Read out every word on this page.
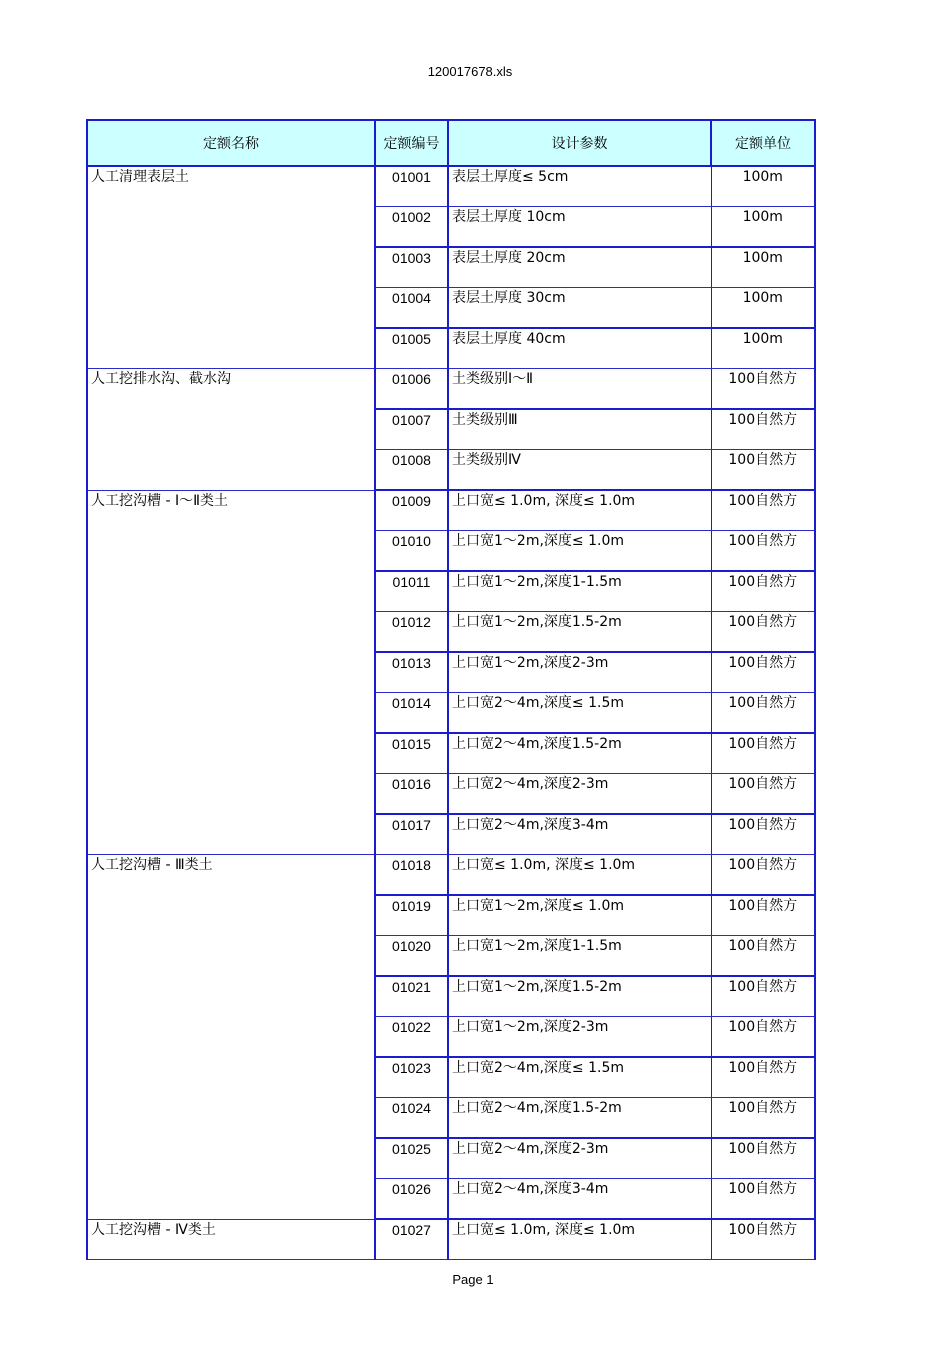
120017678.xls
定额名称	定额编号	设计参数	定额单位
人工清理表层土	01001	表层土厚度≤ 5cm	100m
	01002	表层土厚度 10cm	100m
	01003	表层土厚度 20cm	100m
	01004	表层土厚度 30cm	100m
	01005	表层土厚度 40cm	100m
人工挖排水沟、截水沟	01006	土类级别Ⅰ～Ⅱ	100自然方
	01007	土类级别Ⅲ	100自然方
	01008	土类级别Ⅳ	100自然方
人工挖沟槽 - Ⅰ～Ⅱ类土	01009	上口宽≤ 1.0m, 深度≤ 1.0m	100自然方
	01010	上口宽1～2m,深度≤ 1.0m	100自然方
	01011	上口宽1～2m,深度1-1.5m	100自然方
	01012	上口宽1～2m,深度1.5-2m	100自然方
	01013	上口宽1～2m,深度2-3m	100自然方
	01014	上口宽2～4m,深度≤ 1.5m	100自然方
	01015	上口宽2～4m,深度1.5-2m	100自然方
	01016	上口宽2～4m,深度2-3m	100自然方
	01017	上口宽2～4m,深度3-4m	100自然方
人工挖沟槽 - Ⅲ类土	01018	上口宽≤ 1.0m, 深度≤ 1.0m	100自然方
	01019	上口宽1～2m,深度≤ 1.0m	100自然方
	01020	上口宽1～2m,深度1-1.5m	100自然方
	01021	上口宽1～2m,深度1.5-2m	100自然方
	01022	上口宽1～2m,深度2-3m	100自然方
	01023	上口宽2～4m,深度≤ 1.5m	100自然方
	01024	上口宽2～4m,深度1.5-2m	100自然方
	01025	上口宽2～4m,深度2-3m	100自然方
	01026	上口宽2～4m,深度3-4m	100自然方
人工挖沟槽 - Ⅳ类土	01027	上口宽≤ 1.0m, 深度≤ 1.0m	100自然方
Page 1
